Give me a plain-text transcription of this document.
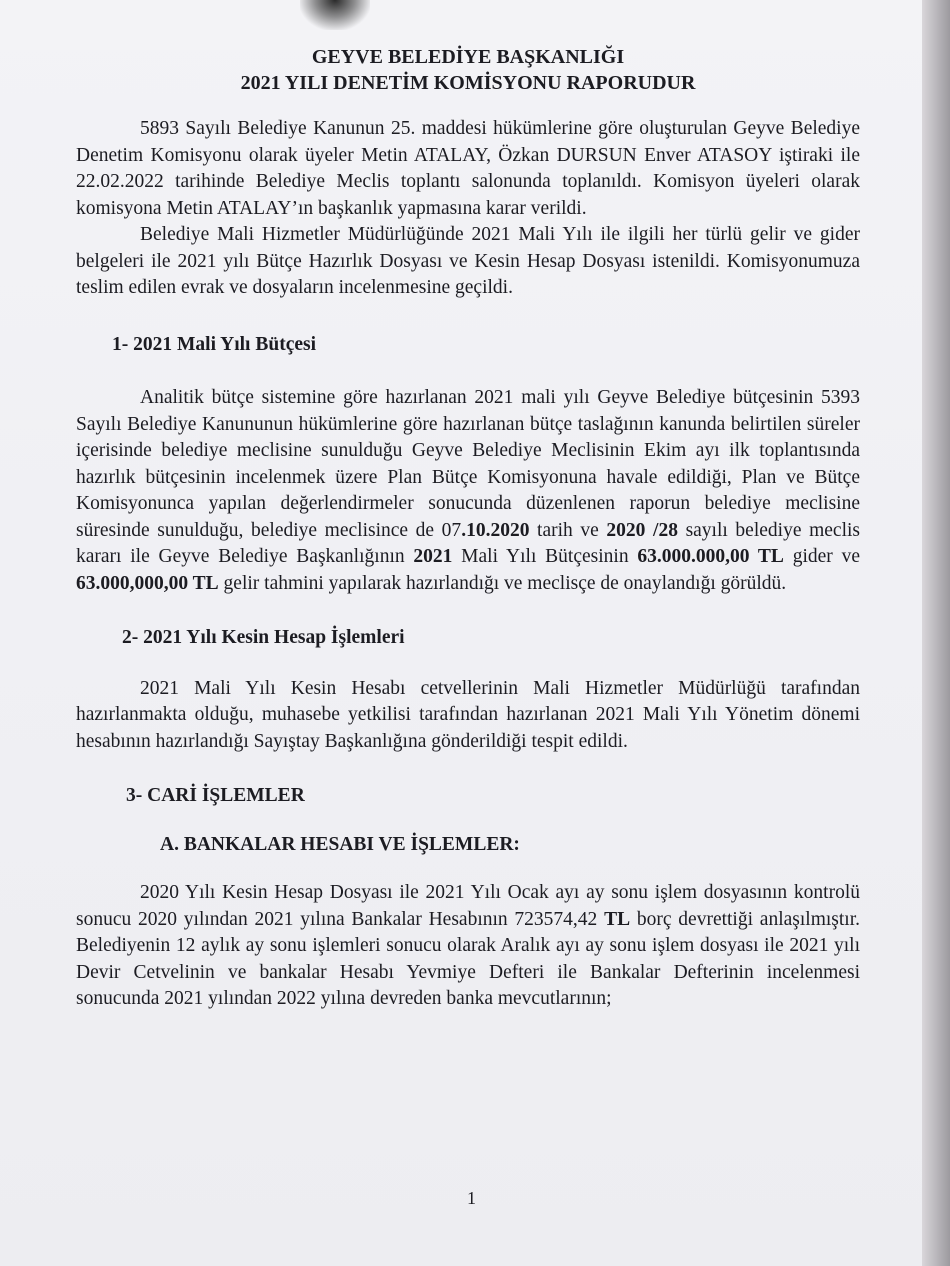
GEYVE BELEDİYE BAŞKANLIĞI
2021 YILI DENETİM KOMİSYONU RAPORUDUR

5893 Sayılı Belediye Kanunun 25. maddesi hükümlerine göre oluşturulan Geyve Belediye Denetim Komisyonu olarak üyeler Metin ATALAY, Özkan DURSUN Enver ATASOY iştiraki ile 22.02.2022 tarihinde Belediye Meclis toplantı salonunda toplanıldı. Komisyon üyeleri olarak komisyona Metin ATALAY’ın başkanlık yapmasına karar verildi.

Belediye Mali Hizmetler Müdürlüğünde 2021 Mali Yılı ile ilgili her türlü gelir ve gider belgeleri ile 2021 yılı Bütçe Hazırlık Dosyası ve Kesin Hesap Dosyası istenildi. Komisyonumuza teslim edilen evrak ve dosyaların incelenmesine geçildi.

1- 2021 Mali Yılı Bütçesi

Analitik bütçe sistemine göre hazırlanan 2021 mali yılı Geyve Belediye bütçesinin 5393 Sayılı Belediye Kanununun hükümlerine göre hazırlanan bütçe taslağının kanunda belirtilen süreler içerisinde belediye meclisine sunulduğu Geyve Belediye Meclisinin Ekim ayı ilk toplantısında hazırlık bütçesinin incelenmek üzere Plan Bütçe Komisyonuna havale edildiği, Plan ve Bütçe Komisyonunca yapılan değerlendirmeler sonucunda düzenlenen raporun belediye meclisine süresinde sunulduğu, belediye meclisince de 07.10.2020 tarih ve 2020 /28 sayılı belediye meclis kararı ile Geyve Belediye Başkanlığının 2021 Mali Yılı Bütçesinin 63.000.000,00 TL gider ve 63.000,000,00 TL gelir tahmini yapılarak hazırlandığı ve meclisçe de onaylandığı görüldü.

2- 2021 Yılı Kesin Hesap İşlemleri

2021 Mali Yılı Kesin Hesabı cetvellerinin Mali Hizmetler Müdürlüğü tarafından hazırlanmakta olduğu, muhasebe yetkilisi tarafından hazırlanan 2021 Mali Yılı Yönetim dönemi hesabının hazırlandığı Sayıştay Başkanlığına gönderildiği tespit edildi.

3- CARİ İŞLEMLER
A. BANKALAR HESABI VE İŞLEMLER:

2020 Yılı Kesin Hesap Dosyası ile 2021 Yılı Ocak ayı ay sonu işlem dosyasının kontrolü sonucu 2020 yılından 2021 yılına Bankalar Hesabının 723574,42 TL borç devrettiği anlaşılmıştır. Belediyenin 12 aylık ay sonu işlemleri sonucu olarak Aralık ayı ay sonu işlem dosyası ile 2021 yılı Devir Cetvelinin ve bankalar Hesabı Yevmiye Defteri ile Bankalar Defterinin incelenmesi sonucunda 2021 yılından 2022 yılına devreden banka mevcutlarının;

1
